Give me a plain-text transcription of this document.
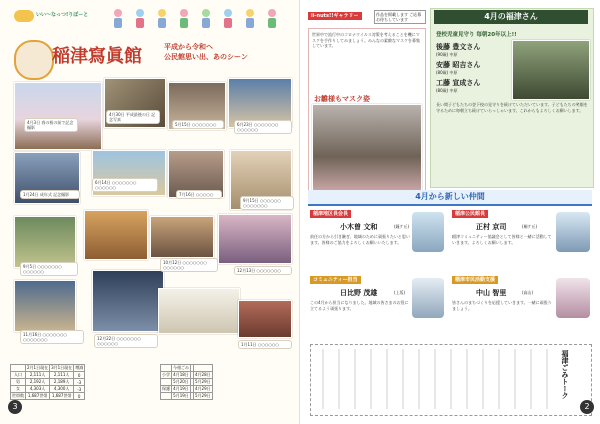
いい〜なっつ!りぽーと
稲津寫眞館	平成から令和へ
公民館思い出、あのシーン
4月3日 春の桜の前で記念 撮影
4月30日 平成最後の日 記念写真
5月15日 ○○○○○○○	6月23日 ○○○○○○○ ○○○○○○
1月24日 成年式 記念撮影
6月14日 ○○○○○○○ ○○○○○○
7月16日 ○○○○○
9月15日 ○○○○○○ ○○○○○○○
9月5日 ○○○○○○○ ○○○○○○
10月12日 ○○○○○○○ ○○○○○○
12月13日 ○○○○○○○
11月16日 ○○○○○○○ ○○○○○○○	12月22日 ○○○○○○○ ○○○○○○	1月11日 ○○○○○○
	2月1日現在	3月1日現在	増減
人口	2,111人	2,111人	0
男	2,192人	2,189人	-3
女	4,303人	4,300人	-3
世帯数	1,687世帯	1,687世帯	0
	今週ごみ		
小学	4月18日		4月28日
	5月20日		5月29日
保護	4月19日		4月29日
	5月19日		5月29日
3
ii-nuts!!ギャラリー	作品を掲載します ご応募 お待ちしています
世界中で流行中のコロナウイルス対策を考えることを機にマスクを手作りしてみましょう。みんなの素敵なマスクを募集しています。
お雛様もマスク姿
4月の福津さん
登校児童見守り 毎朝20年以上!!
後藤 豊文さん
(90歳) 中原
安藤 昭吉さん
(80歳) 中原
工藤 宣成さん
(80歳) 中原
長い間子どもたちの登下校の見守りを続けていただいています。子どもたちの笑顔を守るために毎朝立ち続けていらっしゃいます。これからもよろしくお願いします。
4月から新しい仲間
稲津地区長会長
小木曽 文和	(鐘ケ丘)
前任の方から引き継ぎ、地域のために頑張りたいと思います。皆様のご協力をよろしくお願いいたします。
稲津公民館長
正村 京司	(桐ケ丘)
稲津コミュニティー協議会として皆様と一緒に活動していきます。よろしくお願いします。
コミュニティー担当
日比野 茂雄	(上坂)
この4月から担当になりました。地域の皆さまのお役に立てるよう頑張ります。
稲津市民活動支援
中山 智里	(高山)
皆さんのまちづくりを応援していきます。一緒に頑張りましょう。
福津ごみトーク
2
